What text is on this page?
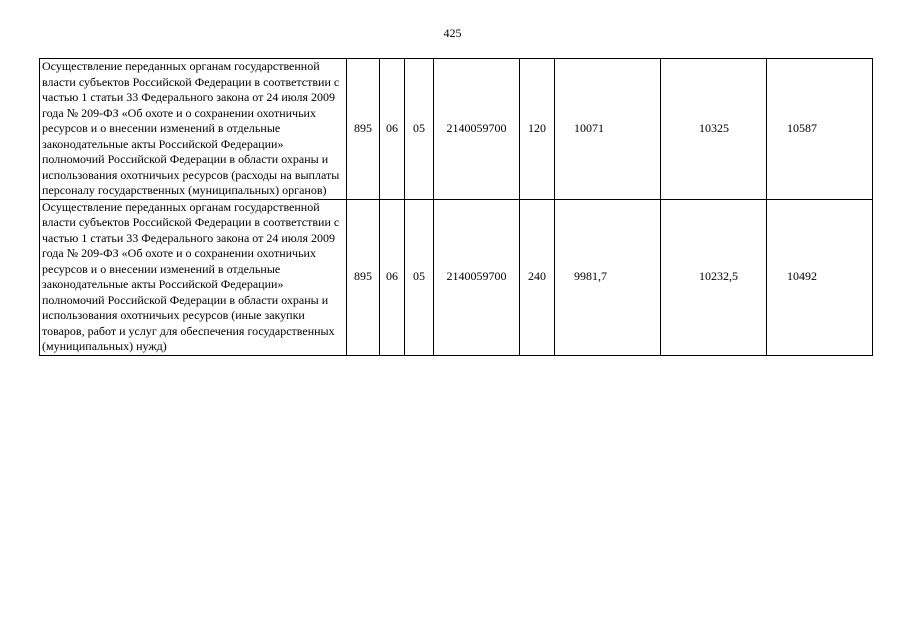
425
Осуществление переданных органам государственной власти субъектов Российской Федерации в соответствии с частью 1 статьи 33 Федерального закона от 24 июля 2009 года № 209-ФЗ «Об охоте и о сохранении охотничьих ресурсов и о внесении изменений в отдельные законодательные акты Российской Федерации» полномочий Российской Федерации в области охраны и использования охотничьих ресурсов (расходы на выплаты персоналу государственных (муниципальных) органов)	895	06	05	2140059700	120	10071	10325	10587
Осуществление переданных органам государственной власти субъектов Российской Федерации в соответствии с частью 1 статьи 33 Федерального закона от 24 июля 2009 года № 209-ФЗ «Об охоте и о сохранении охотничьих ресурсов и о внесении изменений в отдельные законодательные акты Российской Федерации» полномочий Российской Федерации в области охраны и использования охотничьих ресурсов (иные закупки товаров, работ и услуг для обеспечения государственных (муниципальных) нужд)	895	06	05	2140059700	240	9981,7	10232,5	10492
